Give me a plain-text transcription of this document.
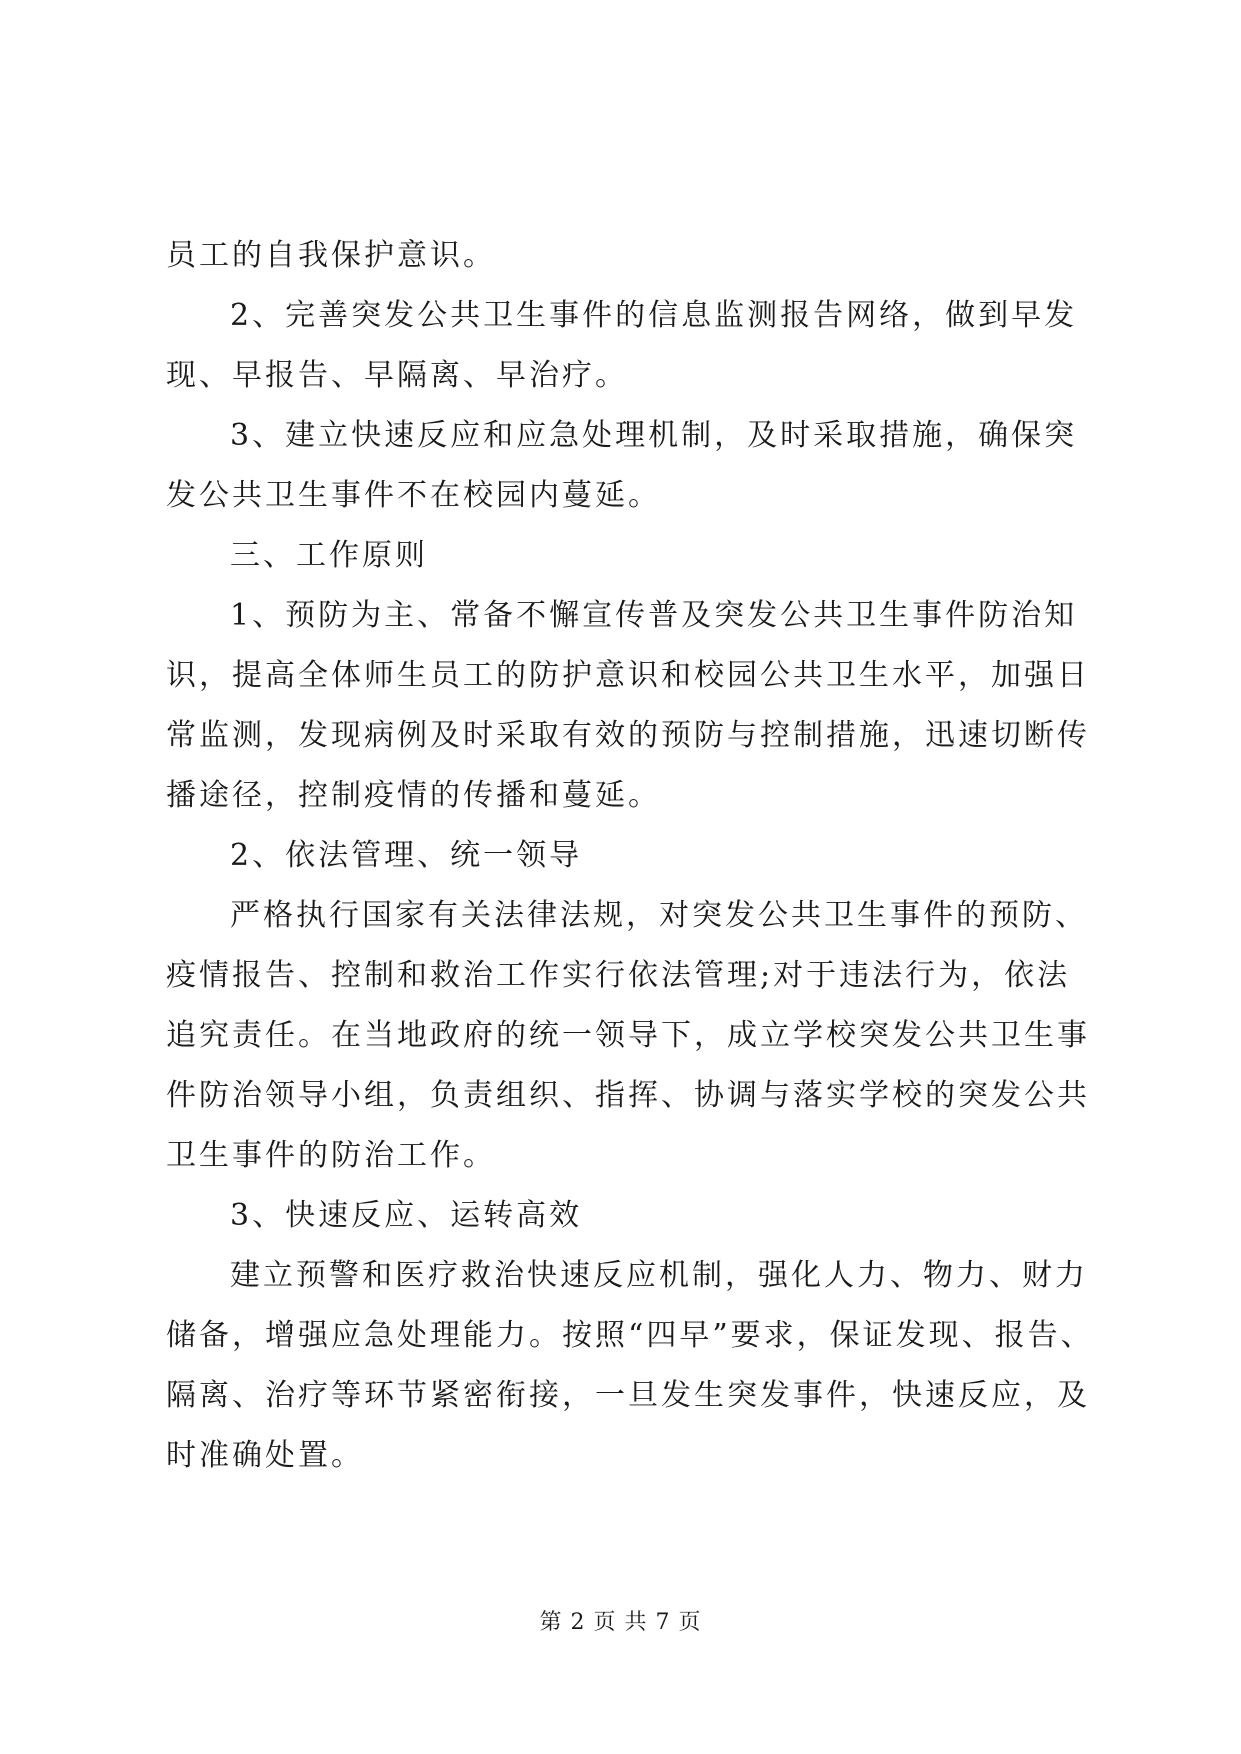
员工的自我保护意识。

2、完善突发公共卫生事件的信息监测报告网络，做到早发

现、早报告、早隔离、早治疗。

3、建立快速反应和应急处理机制，及时采取措施，确保突

发公共卫生事件不在校园内蔓延。

三、工作原则

1、预防为主、常备不懈宣传普及突发公共卫生事件防治知

识，提高全体师生员工的防护意识和校园公共卫生水平，加强日

常监测，发现病例及时采取有效的预防与控制措施，迅速切断传

播途径，控制疫情的传播和蔓延。

2、依法管理、统一领导

严格执行国家有关法律法规，对突发公共卫生事件的预防、

疫情报告、控制和救治工作实行依法管理;对于违法行为，依法

追究责任。在当地政府的统一领导下，成立学校突发公共卫生事

件防治领导小组，负责组织、指挥、协调与落实学校的突发公共

卫生事件的防治工作。

3、快速反应、运转高效

建立预警和医疗救治快速反应机制，强化人力、物力、财力

储备，增强应急处理能力。按照“四早”要求，保证发现、报告、

隔离、治疗等环节紧密衔接，一旦发生突发事件，快速反应，及

时准确处置。

第 2 页 共 7 页
